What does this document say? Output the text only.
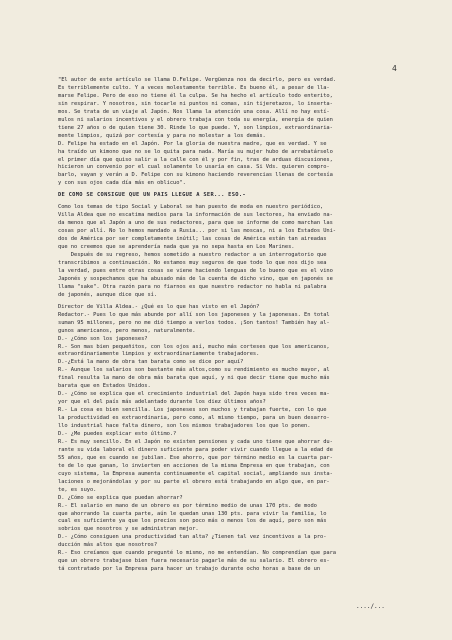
4

"El autor de este artículo se llama D.Felipe. Vergüenza nos da decirlo, pero es verdad.
Es terriblemente culto. Y a veces molestamente terrible. Es bueno él, a pesar de lla-
marse Felipe. Pero de eso no tiene él la culpa. Se ha hecho el artículo todo enterito,
sin respirar. Y nosotros, sin tocarle ni puntos ni comas, sin tijeretazos, lo inserta-
mos. Se trata de un viaje al Japón. Nos llama la atención una cosa. Allí no hay estí-
mulos ni salarios incentivos y el obrero trabaja con toda su energía, energía de quien
tiene 27 años o de quien tiene 30. Rinde lo que puede. Y, son limpios, extraordinaria-
mente limpios, quizá por cortesía y para no molestar a los demás.
D. Felipe ha estado en el Japón. Por la gloria de nuestra madre, que es verdad. Y se
ha traído un kimono que no se lo quita para nada. María su mujer hubo de arrebatárselo
el primer día que quiso salir a la calle con él y por fin, tras de arduas discusiones,
hicieron un convenio por el cual solamente lo usaría en casa. Si Vds. quieren compro-
barlo, vayan y verán a D. Felipe con su kimono haciendo reverencias llenas de cortesía
y con sus ojos cada día más en oblicuo".

DE COMO SE CONSIGUE QUE UN PAIS LLEGUE A SER... ESO.-

Como los temas de tipo Social y Laboral se han puesto de moda en nuestro periódico,
Villa Aldea que no escatima medios para la información de sus lectores, ha enviado na-
da menos que al Japón a uno de sus redactores, para que se informe de como marchan las
cosas por allí. No lo hemos mandado a Rusia... por si las moscas, ni a los Estados Uni-
dos de América por ser completamente inútil; las cosas de América están tan aireadas
que no creemos que se aprendería nada que ya no sepa hasta en Los Marines.
Después de su regreso, hemos sometido a nuestro redactor a un interrogatorio que
transcribimos a continuación. No estamos muy seguros de que todo lo que nos dijo sea
la verdad, pues entre otras cosas se viene haciendo lenguas de lo bueno que es el vino
Japonés y sospechamos que ha abusado más de la cuenta de dicho vino, que en japonés se
llama "sake". Otra razón para no fiarnos es que nuestro redactor no habla ni palabra
de japonés, aunque dice que sí.

Director de Villa Aldea.- ¿Qué es lo que has visto en el Japón?
Redactor.- Pues lo que más abunde por allí son los japoneses y la japonesas. En total
suman 95 millones, pero no me dió tiempo a verlos todos. ¡Son tantos! También hay al-
gunos americanos, pero menos, naturalmente.
D.- ¿Cómo son los japoneses?
R.- Son mas bien pequeñitos, con los ojos así, mucho más corteses que los americanos,
extraordinariamente limpios y extraordinariamente trabajadores.
D.-¿Está la mano de obra tan barata como se dice por aquí?
R.- Aunque los salarios son bastante más altos,como su rendimiento es mucho mayor, al
final resulta la mano de obra más barata que aquí, y ni que decir tiene que mucho más
barata que en Estados Unidos.
D.- ¿Cómo se explica que el crecimiento industrial del Japón haya sido tres veces ma-
yor que el del país más adelantado durante los diez últimos años?
R.- La cosa es bien sencilla. Los japoneses son muchos y trabajan fuerte, con lo que
la productividad es extraordinaria, pero como, al mismo tiempo, para un buen desarro-
llo industrial hace falta dinero, son los mismos trabajadores los que lo ponen.
D.- ¿Me puedes explicar esto último.?
R.- Es muy sencillo. En el Japón no existen pensiones y cada uno tiene que ahorrar du-
rante su vida laboral el dinero suficiente para poder vivir cuando llegue a la edad de
55 años, que es cuando se jubilan. Ese ahorro, que por término medio es la cuarta par-
te de lo que ganan, lo invierten en acciones de la misma Empresa en que trabajan, con
cuyo sistema, la Empresa aumenta continuamente el capital social, ampliando sus insta-
laciones o mejorándolas y por su parte el obrero está trabajando en algo que, en par-
te, es suyo.
D. ¿Cómo se explica que puedan ahorrar?
R.- El salario en mano de un obrero es por término medio de unas 170 pts. de modo
que ahorrando la cuarta parte, aún le quedan unas 130 pts. para vivir la familia, lo
cual es suficiente ya que los precios son poco más o menos los de aquí, pero son más
sobrios que nosotros y se administran mejor.
D.- ¿Cómo consiguen una productividad tan alta? ¿Tienen tal vez incentivos a la pro-
ducción más altos que nosotros?
R.- Eso creíamos que cuando pregunté lo mismo, no me entendían. No comprendían que para
que un obrero trabajase bien fuera necesario pagarle más de su salario. El obrero es-
tá contratado por la Empresa para hacer un trabajo durante ocho horas a base de un

..../...
